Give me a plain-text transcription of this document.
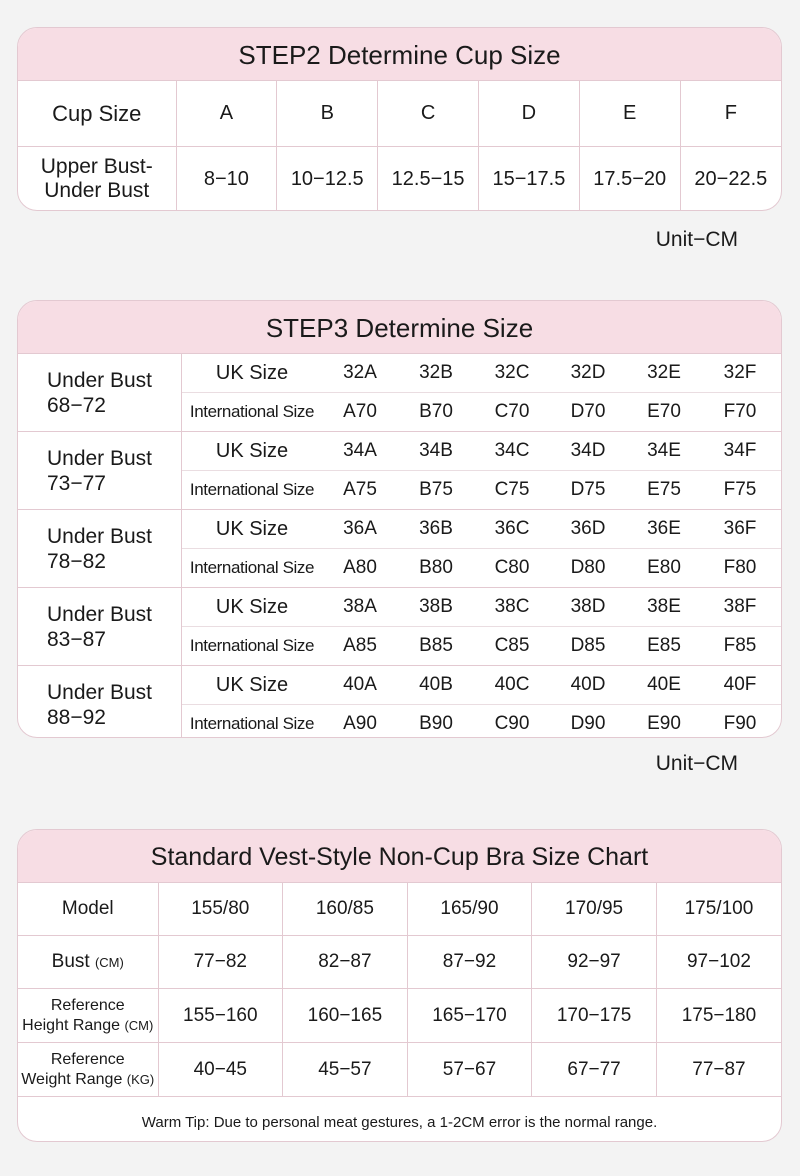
STEP2 Determine Cup Size
Cup Size	A	B	C	D	E	F
Upper Bust-
Under Bust	8−10	10−12.5	12.5−15	15−17.5	17.5−20	20−22.5
Unit−CM
STEP3 Determine Size
Under Bust
68−72
UK Size	32A	32B	32C	32D	32E	32F
International Size	A70	B70	C70	D70	E70	F70
Under Bust
73−77
UK Size	34A	34B	34C	34D	34E	34F
International Size	A75	B75	C75	D75	E75	F75
Under Bust
78−82
UK Size	36A	36B	36C	36D	36E	36F
International Size	A80	B80	C80	D80	E80	F80
Under Bust
83−87
UK Size	38A	38B	38C	38D	38E	38F
International Size	A85	B85	C85	D85	E85	F85
Under Bust
88−92
UK Size	40A	40B	40C	40D	40E	40F
International Size	A90	B90	C90	D90	E90	F90
Unit−CM
Standard Vest-Style Non-Cup Bra Size Chart
Model	155/80	160/85	165/90	170/95	175/100
Bust (CM)	77−82	82−87	87−92	92−97	97−102
Reference
Height Range (CM)	155−160	160−165	165−170	170−175	175−180
Reference
Weight Range (KG)	40−45	45−57	57−67	67−77	77−87
Warm Tip: Due to personal meat gestures, a 1-2CM error is the normal range.					
